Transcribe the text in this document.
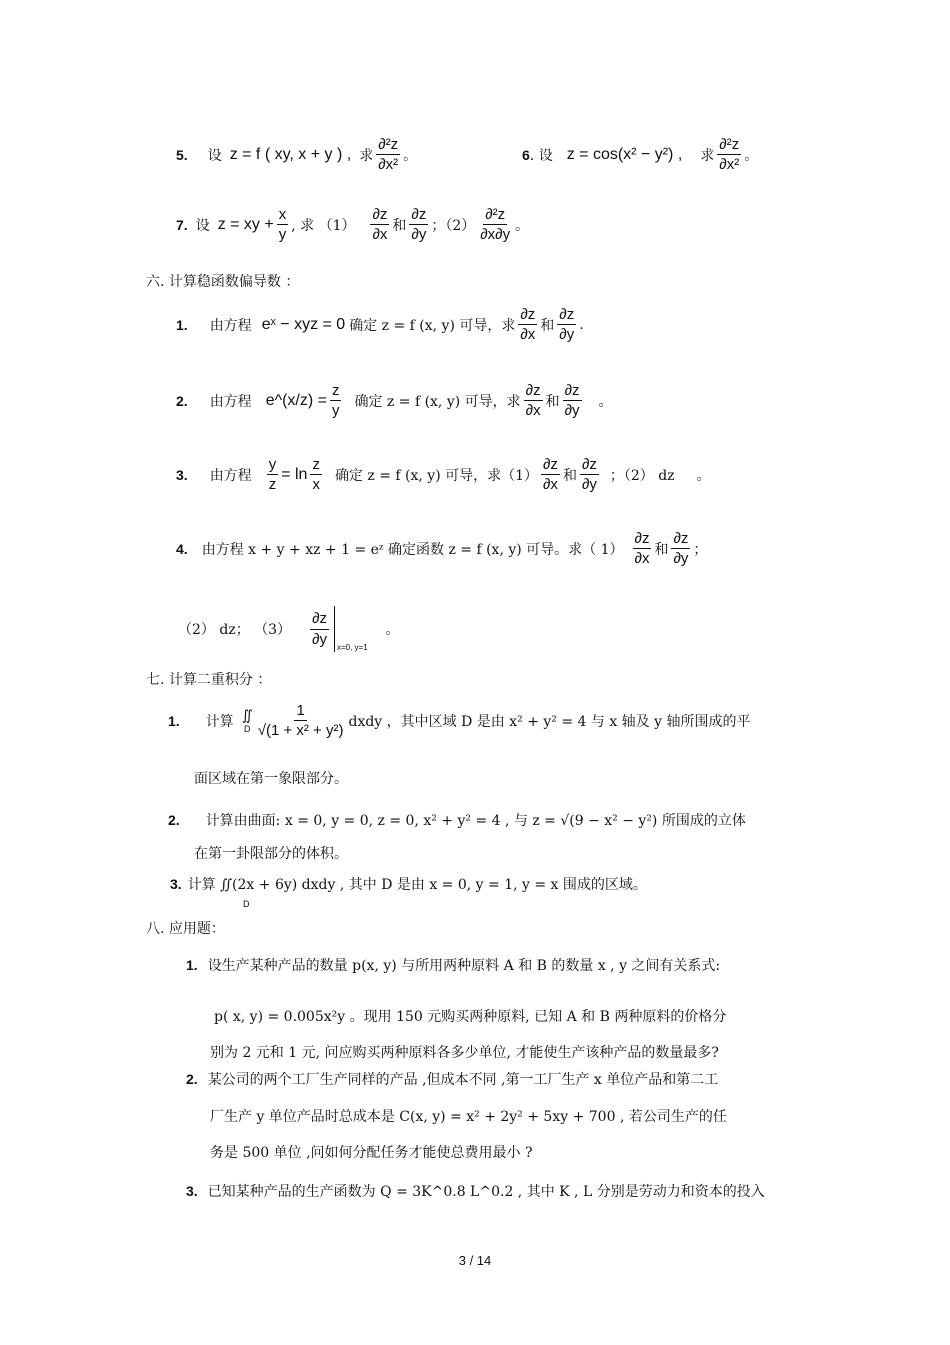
5. 设 z = f ( xy, x + y ) , 求 $\frac{\text{∂²z}}{\text{∂x²}}$ 。	6 . 设 z = cos(x² − y²) , 求 $\frac{\text{∂²z}}{\text{∂x²}}$ 。
7. 设 z = xy + $\frac{x}{y}$ , 求 $(1) \frac{\partial z}{\partial x}$ 和 $\frac{\partial z}{\partial y}$ ；$(2) \frac{\text{∂²z}}{\partial x\partial y}$ 。
六. 计算稳函数偏导数 ：
1. 由方程 eˣ − xyz = 0 确定 z = f (x, y) 可导，求 $\frac{\partial z}{\partial x}$ 和 $\frac{\partial z}{\partial y}$ .
2. 由方程 e^(x/z) = $\frac{z}{y}$ 确定 z = f (x, y) 可导，求 $\frac{\partial z}{\partial x}$ 和 $\frac{\partial z}{\partial y}$ 。
3. 由方程 $\frac{y}{z} = \ln \frac{z}{x}$ 确定 z = f (x, y) 可导，求$(1) \frac{\partial z}{\partial x}$ 和 $\frac{\partial z}{\partial y}$ ；（2） dz 。
4. 由方程 x + y + xz + 1 = eᶻ 确定函数 z = f (x, y) 可导。求（ $1) \frac{\partial z}{\partial x}$ 和 $\frac{\partial z}{\partial y}$ ；
（2） dz； $(3) \frac{\partial z}{\partial y} x=0$, y=1
。
七. 计算二重积分 ：
1. 计算 ∬
D $\frac{1}{\text{√(1 + x² + y²)}}$ dxdy ，其中区域 D 是由 x² + y² = 4 与 x 轴及 y 轴所围成的平
面区域在第一象限部分。
2. 计算由曲面: x = 0, y = 0, z = 0, x² + y² = 4 , 与 z = √(9 − x² − y²) 所围成的立体
在第一卦限部分的体积。
3. 计算 ∬(2x + 6y) dxdy , 其中 D 是由 x = 0, y = 1, y = x 围成的区域。
D
八. 应用题：
1. 设生产某种产品的数量 p(x, y) 与所用两种原料 A 和 B 的数量 x , y 之间有关系式:
p( x, y) = 0.005x²y 。现用 150 元购买两种原料, 已知 A 和 B 两种原料的价格分
别为 2 元和 1 元, 问应购买两种原料各多少单位, 才能使生产该种产品的数量最多?
2. 某公司的两个工厂生产同样的产品 ,但成本不同 ,第一工厂生产 x 单位产品和第二工
厂生产 y 单位产品时总成本是 C(x, y) = x² + 2y² + 5xy + 700 , 若公司生产的任
务是 500 单位 ,问如何分配任务才能使总费用最小 ?
3. 已知某种产品的生产函数为 Q = 3K^0.8 L^0.2 , 其中 K , L 分别是劳动力和资本的投入
3 / 14
